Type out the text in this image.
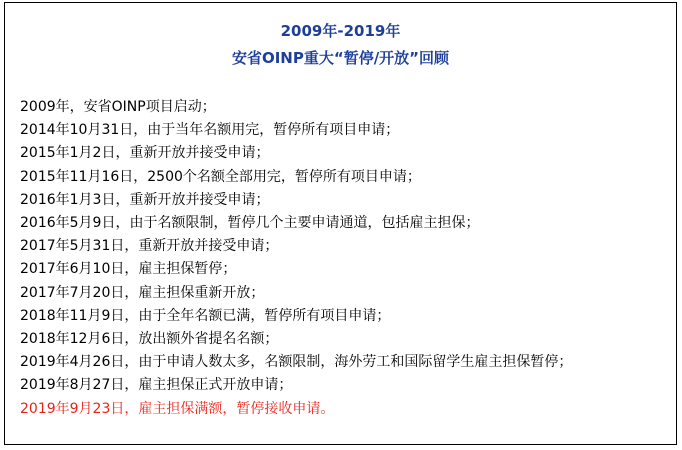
2009年-2019年
安省OINP重大“暂停/开放”回顾
2009年，安省OINP项目启动；
2014年10月31日，由于当年名额用完，暂停所有项目申请；
2015年1月2日，重新开放并接受申请；
2015年11月16日，2500个名额全部用完，暂停所有项目申请；
2016年1月3日，重新开放并接受申请；
2016年5月9日，由于名额限制，暂停几个主要申请通道，包括雇主担保；
2017年5月31日，重新开放并接受申请；
2017年6月10日，雇主担保暂停；
2017年7月20日，雇主担保重新开放；
2018年11月9日，由于全年名额已满，暂停所有项目申请；
2018年12月6日，放出额外省提名名额；
2019年4月26日，由于申请人数太多，名额限制，海外劳工和国际留学生雇主担保暂停；
2019年8月27日，雇主担保正式开放申请；
2019年9月23日，雇主担保满额，暂停接收申请。
